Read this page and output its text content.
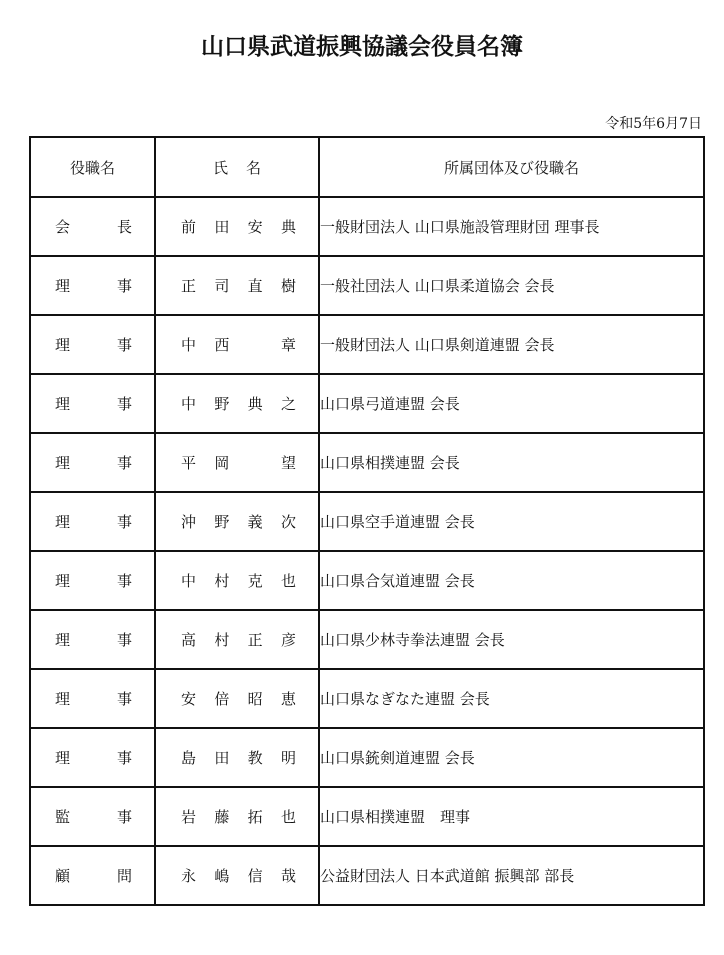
山口県武道振興協議会役員名簿
令和5年6月7日
役職名	氏 名	所属団体及び役職名

会 長	前 田 安 典	一般財団法人 山口県施設管理財団 理事長

理 事	正 司 直 樹	一般社団法人 山口県柔道協会 会長

理 事	中 西 章	一般財団法人 山口県剣道連盟 会長

理 事	中 野 典 之	山口県弓道連盟 会長

理 事	平 岡 望	山口県相撲連盟 会長

理 事	沖 野 義 次	山口県空手道連盟 会長

理 事	中 村 克 也	山口県合気道連盟 会長

理 事	高 村 正 彦	山口県少林寺拳法連盟 会長

理 事	安 倍 昭 恵	山口県なぎなた連盟 会長

理 事	島 田 教 明	山口県銃剣道連盟 会長

監 事	岩 藤 拓 也	山口県相撲連盟　理事

顧 問	永 嶋 信 哉	公益財団法人 日本武道館 振興部 部長
